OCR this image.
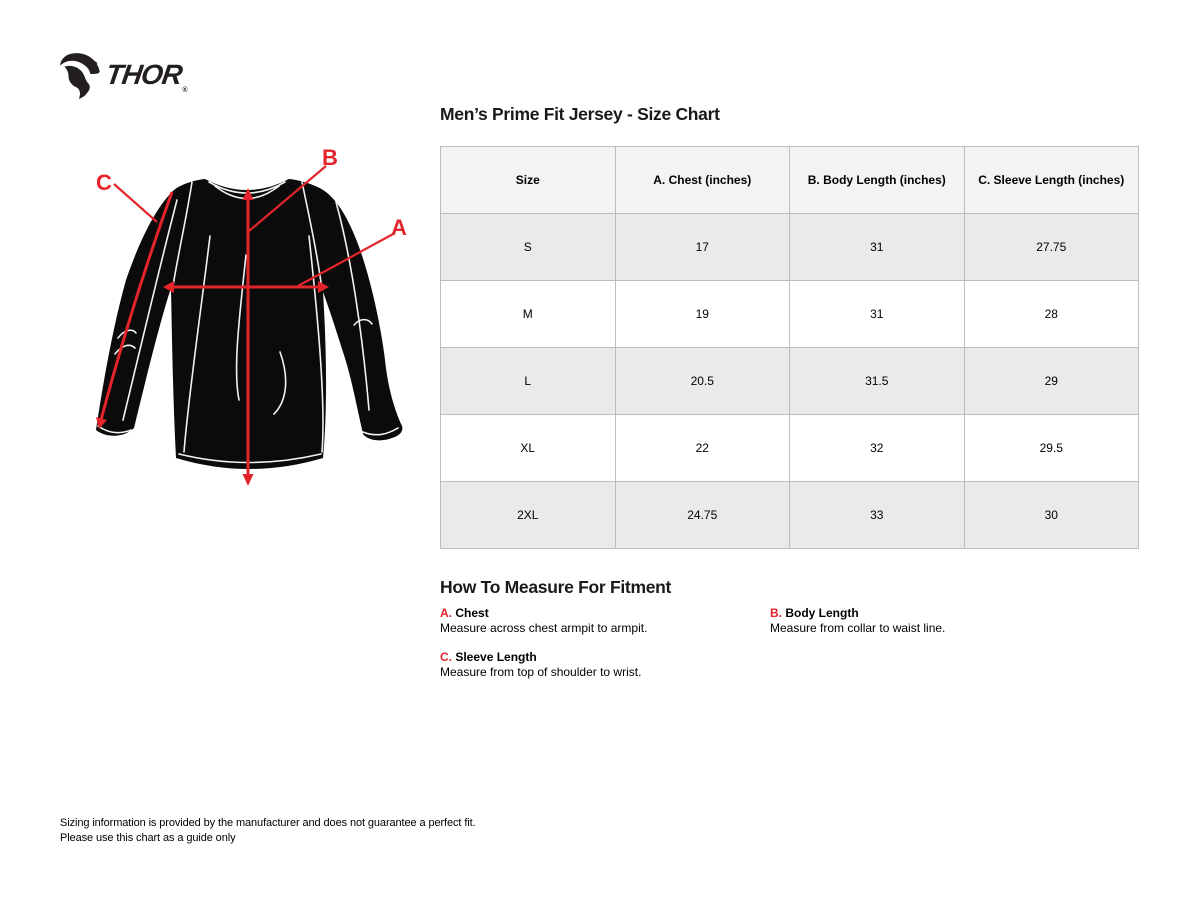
THOR
®
C
B
A
Men’s Prime Fit Jersey - Size Chart
Size	A. Chest (inches)	B. Body Length (inches)	C. Sleeve Length (inches)
S	17	31	27.75
M	19	31	28
L	20.5	31.5	29
XL	22	32	29.5
2XL	24.75	33	30
How To Measure For Fitment
A. Chest
Measure across chest armpit to armpit.
B. Body Length
Measure from collar to waist line.
C. Sleeve Length
Measure from top of shoulder to wrist.
Sizing information is provided by the manufacturer and does not guarantee a perfect fit.
Please use this chart as a guide only
